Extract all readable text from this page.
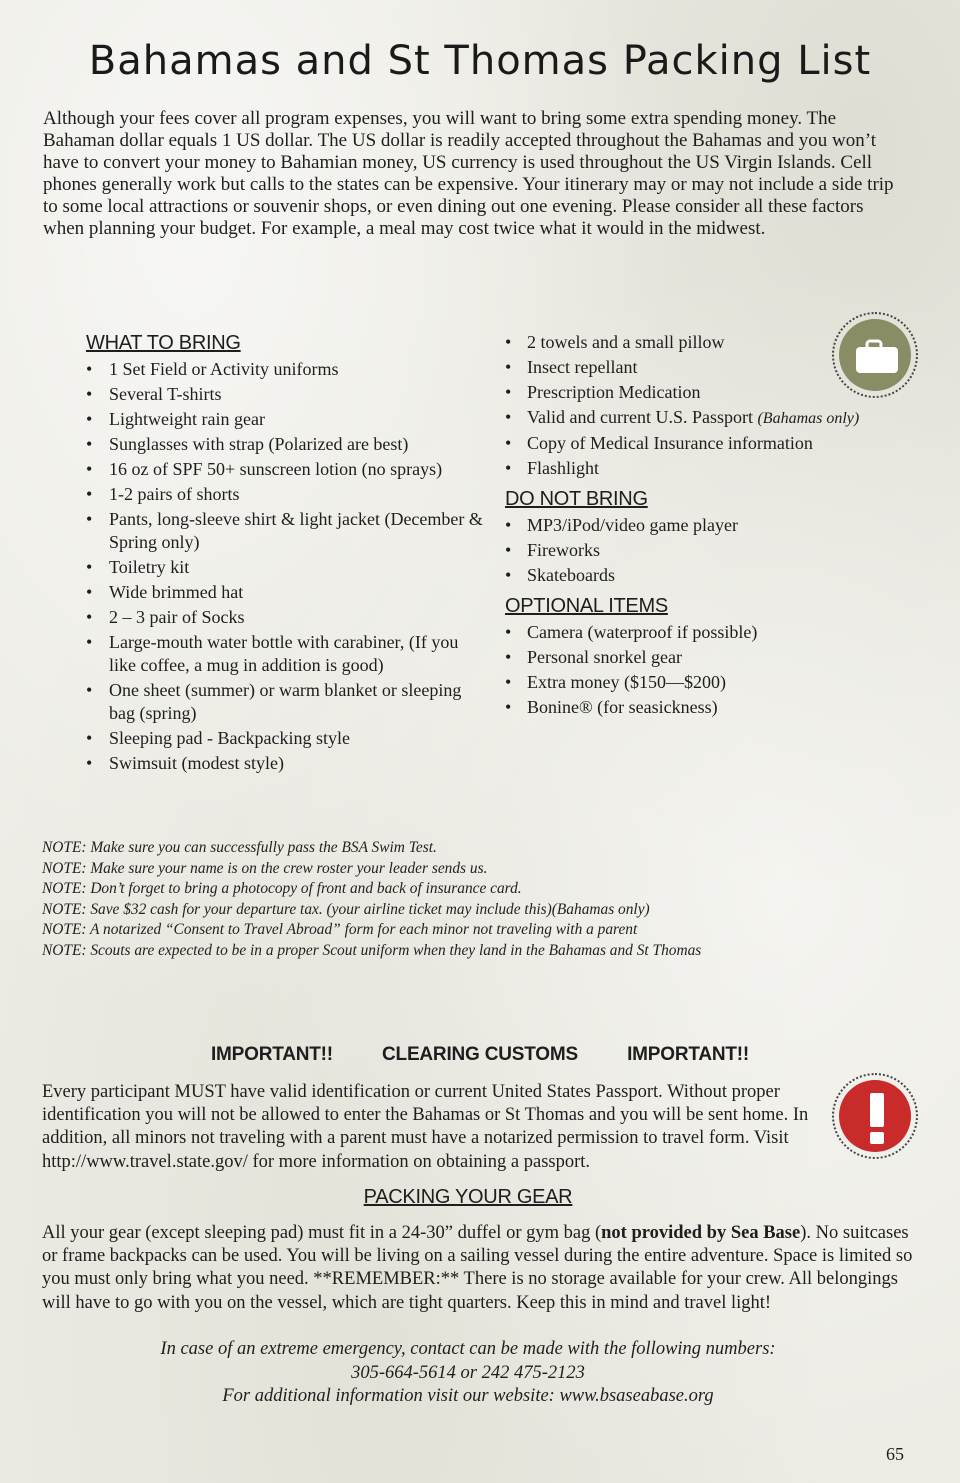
Bahamas and St Thomas Packing List

Although your fees cover all program expenses, you will want to bring some extra spending money. The Bahaman dollar equals 1 US dollar. The US dollar is readily accepted throughout the Bahamas and you won’t have to convert your money to Bahamian money, US currency is used throughout the US Virgin Islands. Cell phones generally work but calls to the states can be expensive. Your itinerary may or may not include a side trip to some local attractions or souvenir shops, or even dining out one evening. Please consider all these factors when planning your budget. For example, a meal may cost twice what it would in the midwest.

WHAT TO BRING
• 1 Set Field or Activity uniforms
• Several T-shirts
• Lightweight rain gear
• Sunglasses with strap (Polarized are best)
• 16 oz of SPF 50+ sunscreen lotion (no sprays)
• 1-2 pairs of shorts
• Pants, long-sleeve shirt & light jacket (December & Spring only)
• Toiletry kit
• Wide brimmed hat
• 2 – 3 pair of Socks
• Large-mouth water bottle with carabiner, (If you like coffee, a mug in addition is good)
• One sheet (summer) or warm blanket or sleeping bag (spring)
• Sleeping pad - Backpacking style
• Swimsuit (modest style)
• 2 towels and a small pillow
• Insect repellant
• Prescription Medication
• Valid and current U.S. Passport (Bahamas only)
• Copy of Medical Insurance information
• Flashlight
DO NOT BRING
• MP3/iPod/video game player
• Fireworks
• Skateboards
OPTIONAL ITEMS
• Camera (waterproof if possible)
• Personal snorkel gear
• Extra money ($150—$200)
• Bonine® (for seasickness)
NOTE: Make sure you can successfully pass the BSA Swim Test.
NOTE: Make sure your name is on the crew roster your leader sends us.
NOTE: Don’t forget to bring a photocopy of front and back of insurance card.
NOTE: Save $32 cash for your departure tax. (your airline ticket may include this)(Bahamas only)
NOTE: A notarized “Consent to Travel Abroad” form for each minor not traveling with a parent
NOTE: Scouts are expected to be in a proper Scout uniform when they land in the Bahamas and St Thomas
IMPORTANT!!	CLEARING CUSTOMS	IMPORTANT!!

Every participant MUST have valid identification or current United States Passport. Without proper identification you will not be allowed to enter the Bahamas or St Thomas and you will be sent home. In addition, all minors not traveling with a parent must have a notarized permission to travel form. Visit http://www.travel.state.gov/ for more information on obtaining a passport.

PACKING YOUR GEAR

All your gear (except sleeping pad) must fit in a 24-30” duffel or gym bag (not provided by Sea Base). No suitcases or frame backpacks can be used. You will be living on a sailing vessel during the entire adventure. Space is limited so you must only bring what you need. **REMEMBER:** There is no storage available for your crew. All belongings will have to go with you on the vessel, which are tight quarters. Keep this in mind and travel light!

In case of an extreme emergency, contact can be made with the following numbers:
305-664-5614 or 242 475-2123
For additional information visit our website: www.bsaseabase.org
65
